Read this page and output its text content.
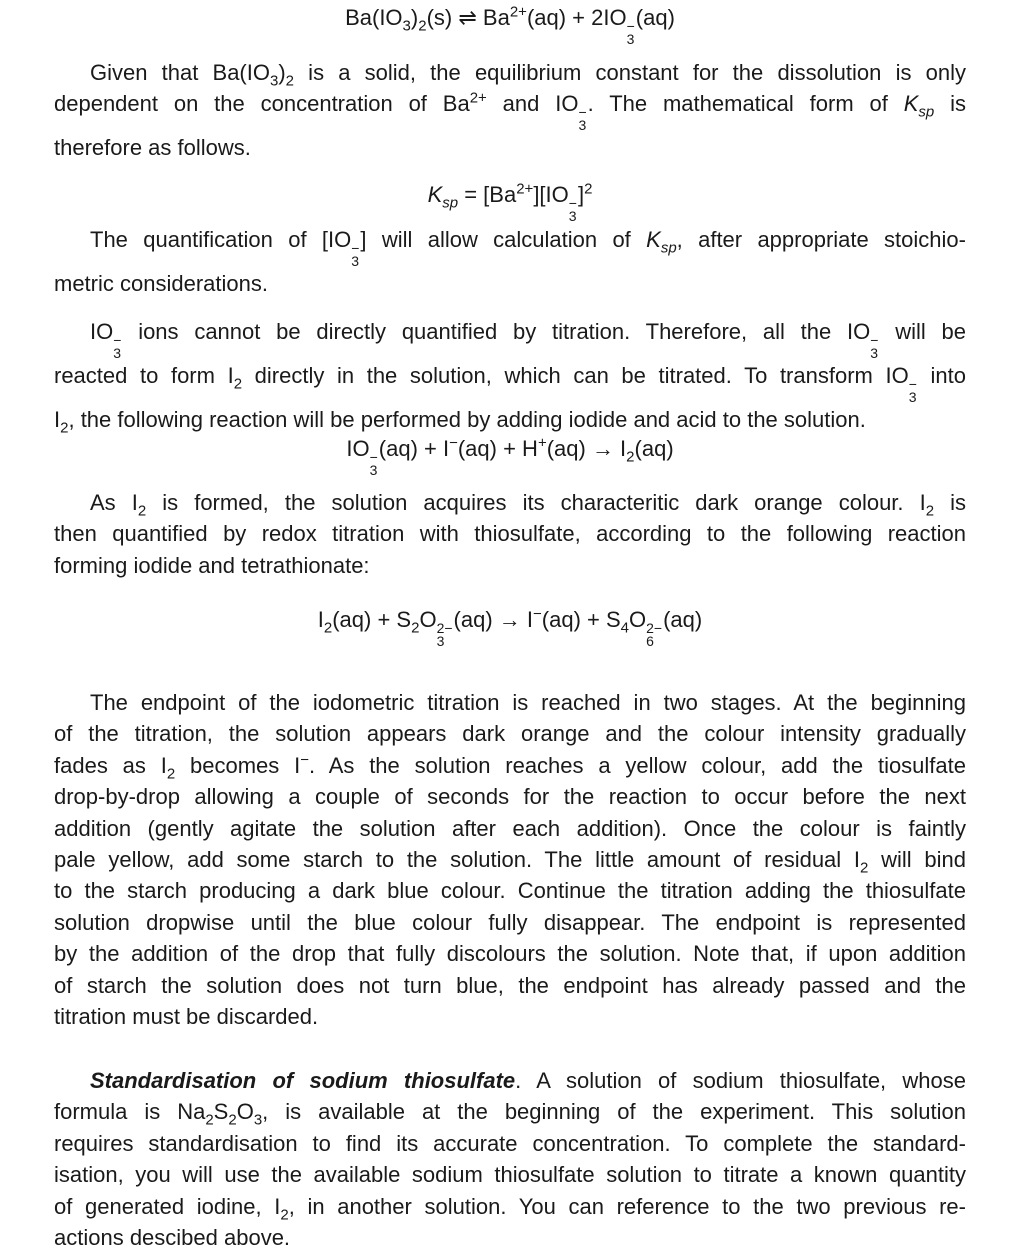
$Ba(IO_3)_2(s)$ ⇌ $Ba^{2+}(aq) + 2IO$ −
3
(aq)
Given that $Ba(IO_3)_2$ is a solid, the equilibrium constant for the dissolution is only
dependent on the concentration of $Ba^{2+}$ and IO −
3
. The mathematical form of $K_{sp}$ is
therefore as follows.
$K_{sp} = [Ba^{2+}][IO$ −
3
]$^2$
The quantification of [IO −
3
] will allow calculation of $K_{sp}$, after appropriate stoichio-
metric considerations.
IO −
3
ions cannot be directly quantified by titration. Therefore, all the IO −
3
will be
reacted to form $I_2$ directly in the solution, which can be titrated. To transform IO −
3
into
$I_2$, the following reaction will be performed by adding iodide and acid to the solution.
IO −
3
$(aq) + I^-(aq) + H^+(aq) \to I_2(aq)$
As $I_2$ is formed, the solution acquires its characteritic dark orange colour. $I_2$ is
then quantified by redox titration with thiosulfate, according to the following reaction
forming iodide and tetrathionate:
$I_2(aq) + S_2O$ 2−
3
$(aq) \to I^-(aq) + S_4O$ 2−
6
(aq)
The endpoint of the iodometric titration is reached in two stages. At the beginning
of the titration, the solution appears dark orange and the colour intensity gradually
fades as $I_2$ becomes I−. As the solution reaches a yellow colour, add the tiosulfate
drop-by-drop allowing a couple of seconds for the reaction to occur before the next
addition (gently agitate the solution after each addition). Once the colour is faintly
pale yellow, add some starch to the solution. The little amount of residual $I_2$ will bind
to the starch producing a dark blue colour. Continue the titration adding the thiosulfate
solution dropwise until the blue colour fully disappear. The endpoint is represented
by the addition of the drop that fully discolours the solution. Note that, if upon addition
of starch the solution does not turn blue, the endpoint has already passed and the
titration must be discarded.
Standardisation of sodium thiosulfate. A solution of sodium thiosulfate, whose
formula is $Na_2S_2O_3$, is available at the beginning of the experiment. This solution
requires standardisation to find its accurate concentration. To complete the standard-
isation, you will use the available sodium thiosulfate solution to titrate a known quantity
of generated iodine, $I_2$, in another solution. You can reference to the two previous re-
actions descibed above.
